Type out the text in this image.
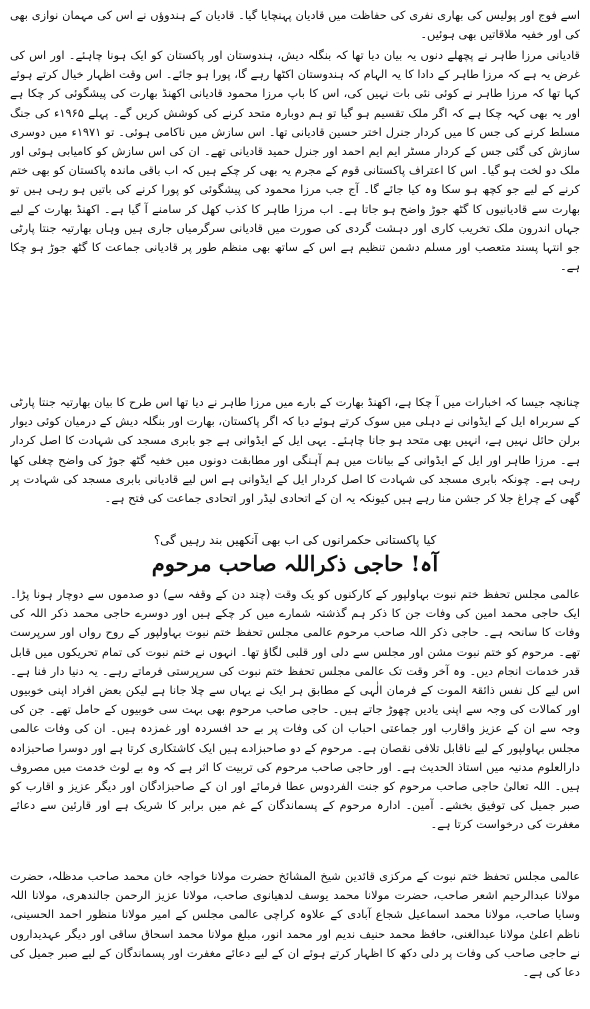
اسے فوج اور پولیس کی بھاری نفری کی حفاظت میں قادیان پہنچایا گیا۔ قادیان کے ہندوؤں نے اس کی مہمان نوازی بھی کی اور خفیہ ملاقاتیں بھی ہوئیں۔

قادیانی مرزا طاہر نے پچھلے دنوں یہ بیان دیا تھا کہ بنگلہ دیش، ہندوستان اور پاکستان کو ایک ہونا چاہئے۔ اور اس کی غرض یہ ہے کہ مرزا طاہر کے دادا کا یہ الہام کہ ہندوستان اکٹھا رہے گا، پورا ہو جائے۔ اس وقت اظہار خیال کرتے ہوئے کہا تھا کہ مرزا طاہر نے کوئی نئی بات نہیں کی، اس کا باپ مرزا محمود قادیانی اکھنڈ بھارت کی پیشگوئی کر چکا ہے اور یہ بھی کہہ چکا ہے کہ اگر ملک تقسیم ہو گیا تو ہم دوبارہ متحد کرنے کی کوشش کریں گے۔ پہلے ۱۹۶۵ء کی جنگ مسلط کرنے کی جس کا میں کردار جنرل اختر حسین قادیانی تھا۔ اس سازش میں ناکامی ہوئی۔ تو ۱۹۷۱ء میں دوسری سازش کی گئی جس کے کردار مسٹر ایم ایم احمد اور جنرل حمید قادیانی تھے۔ ان کی اس سازش کو کامیابی ہوئی اور ملک دو لخت ہو گیا۔ اس کا اعتراف پاکستانی قوم کے مجرم یہ بھی کر چکے ہیں کہ اب باقی ماندہ پاکستان کو بھی ختم کرنے کے لیے جو کچھ ہو سکا وہ کیا جائے گا۔ آج جب مرزا محمود کی پیشگوئی کو پورا کرنے کی باتیں ہو رہی ہیں تو بھارت سے قادیانیوں کا گٹھ جوڑ واضح ہو جاتا ہے۔ اب مرزا طاہر کا کذب کھل کر سامنے آ گیا ہے۔ اکھنڈ بھارت کے لیے جہاں اندرون ملک تخریب کاری اور دہشت گردی کی صورت میں قادیانی سرگرمیاں جاری ہیں وہاں بھارتیہ جنتا پارٹی جو انتہا پسند متعصب اور مسلم دشمن تنظیم ہے اس کے ساتھ بھی منظم طور پر قادیانی جماعت کا گٹھ جوڑ ہو چکا ہے۔

چنانچہ جیسا کہ اخبارات میں آ چکا ہے، اکھنڈ بھارت کے بارے میں مرزا طاہر نے دیا تھا اس طرح کا بیان بھارتیہ جنتا پارٹی کے سربراہ ایل کے ایڈوانی نے دہلی میں سوک کرتے ہوئے دیا کہ اگر پاکستان، بھارت اور بنگلہ دیش کے درمیان کوئی دیوار برلن حائل نہیں ہے، انہیں بھی متحد ہو جانا چاہئے۔ یہی ایل کے ایڈوانی ہے جو بابری مسجد کی شہادت کا اصل کردار ہے۔ مرزا طاہر اور ایل کے ایڈوانی کے بیانات میں ہم آہنگی اور مطابقت دونوں میں خفیہ گٹھ جوڑ کی واضح چغلی کھا رہی ہے۔ چونکہ بابری مسجد کی شہادت کا اصل کردار ایل کے ایڈوانی ہے اس لیے قادیانی بابری مسجد کی شہادت پر گھی کے چراغ جلا کر جشن منا رہے ہیں کیونکہ یہ ان کے اتحادی لیڈر اور اتحادی جماعت کی فتح ہے۔

کیا پاکستانی حکمرانوں کی اب بھی آنکھیں بند رہیں گی؟

آہ! حاجی ذکراللہ صاحب مرحوم

عالمی مجلس تحفظ ختم نبوت بہاولپور کے کارکنوں کو یک وقت (چند دن کے وقفہ سے) دو صدموں سے دوچار ہونا پڑا۔ ایک حاجی محمد امین کی وفات جن کا ذکر ہم گذشتہ شمارے میں کر چکے ہیں اور دوسرے حاجی محمد ذکر اللہ کی وفات کا سانحہ ہے۔ حاجی ذکر اللہ صاحب مرحوم عالمی مجلس تحفظ ختم نبوت بہاولپور کے روح رواں اور سرپرست تھے۔ مرحوم کو ختم نبوت مشن اور مجلس سے دلی اور قلبی لگاؤ تھا۔ انہوں نے ختم نبوت کی تمام تحریکوں میں قابل قدر خدمات انجام دیں۔ وہ آخر وقت تک عالمی مجلس تحفظ ختم نبوت کی سرپرستی فرماتے رہے۔ یہ دنیا دار فنا ہے۔ اس لیے کل نفس ذائقۃ الموت کے فرمان الٰہی کے مطابق ہر ایک نے یہاں سے چلا جانا ہے لیکن بعض افراد اپنی خوبیوں اور کمالات کی وجہ سے اپنی یادیں چھوڑ جاتے ہیں۔ حاجی صاحب مرحوم بھی بہت سی خوبیوں کے حامل تھے۔ جن کی وجہ سے ان کے عزیز واقارب اور جماعتی احباب ان کی وفات پر بے حد افسردہ اور غمزدہ ہیں۔ ان کی وفات عالمی مجلس بہاولپور کے لیے ناقابل تلافی نقصان ہے۔ مرحوم کے دو صاحبزادے ہیں ایک کاشتکاری کرتا ہے اور دوسرا صاحبزادہ دارالعلوم مدنیہ میں استاذ الحدیث ہے۔ اور حاجی صاحب مرحوم کی تربیت کا اثر ہے کہ وہ بے لوث خدمت میں مصروف ہیں۔ اللہ تعالیٰ حاجی صاحب مرحوم کو جنت الفردوس عطا فرمائے اور ان کے صاحبزادگان اور دیگر عزیز و اقارب کو صبر جمیل کی توفیق بخشے۔ آمین۔ ادارہ مرحوم کے پسماندگان کے غم میں برابر کا شریک ہے اور قارئین سے دعائے مغفرت کی درخواست کرتا ہے۔

عالمی مجلس تحفظ ختم نبوت کے مرکزی قائدین شیخ المشائخ حضرت مولانا خواجہ خان محمد صاحب مدظلہ، حضرت مولانا عبدالرحیم اشعر صاحب، حضرت مولانا محمد یوسف لدھیانوی صاحب، مولانا عزیز الرحمن جالندھری، مولانا اللہ وسایا صاحب، مولانا محمد اسماعیل شجاع آبادی کے علاوہ کراچی عالمی مجلس کے امیر مولانا منظور احمد الحسینی، ناظم اعلیٰ مولانا عبدالغنی، حافظ محمد حنیف ندیم اور محمد انور، مبلغ مولانا محمد اسحاق ساقی اور دیگر عہدیداروں نے حاجی صاحب کی وفات پر دلی دکھ کا اظہار کرتے ہوئے ان کے لیے دعائے مغفرت اور پسماندگان کے لیے صبر جمیل کی دعا کی ہے۔
